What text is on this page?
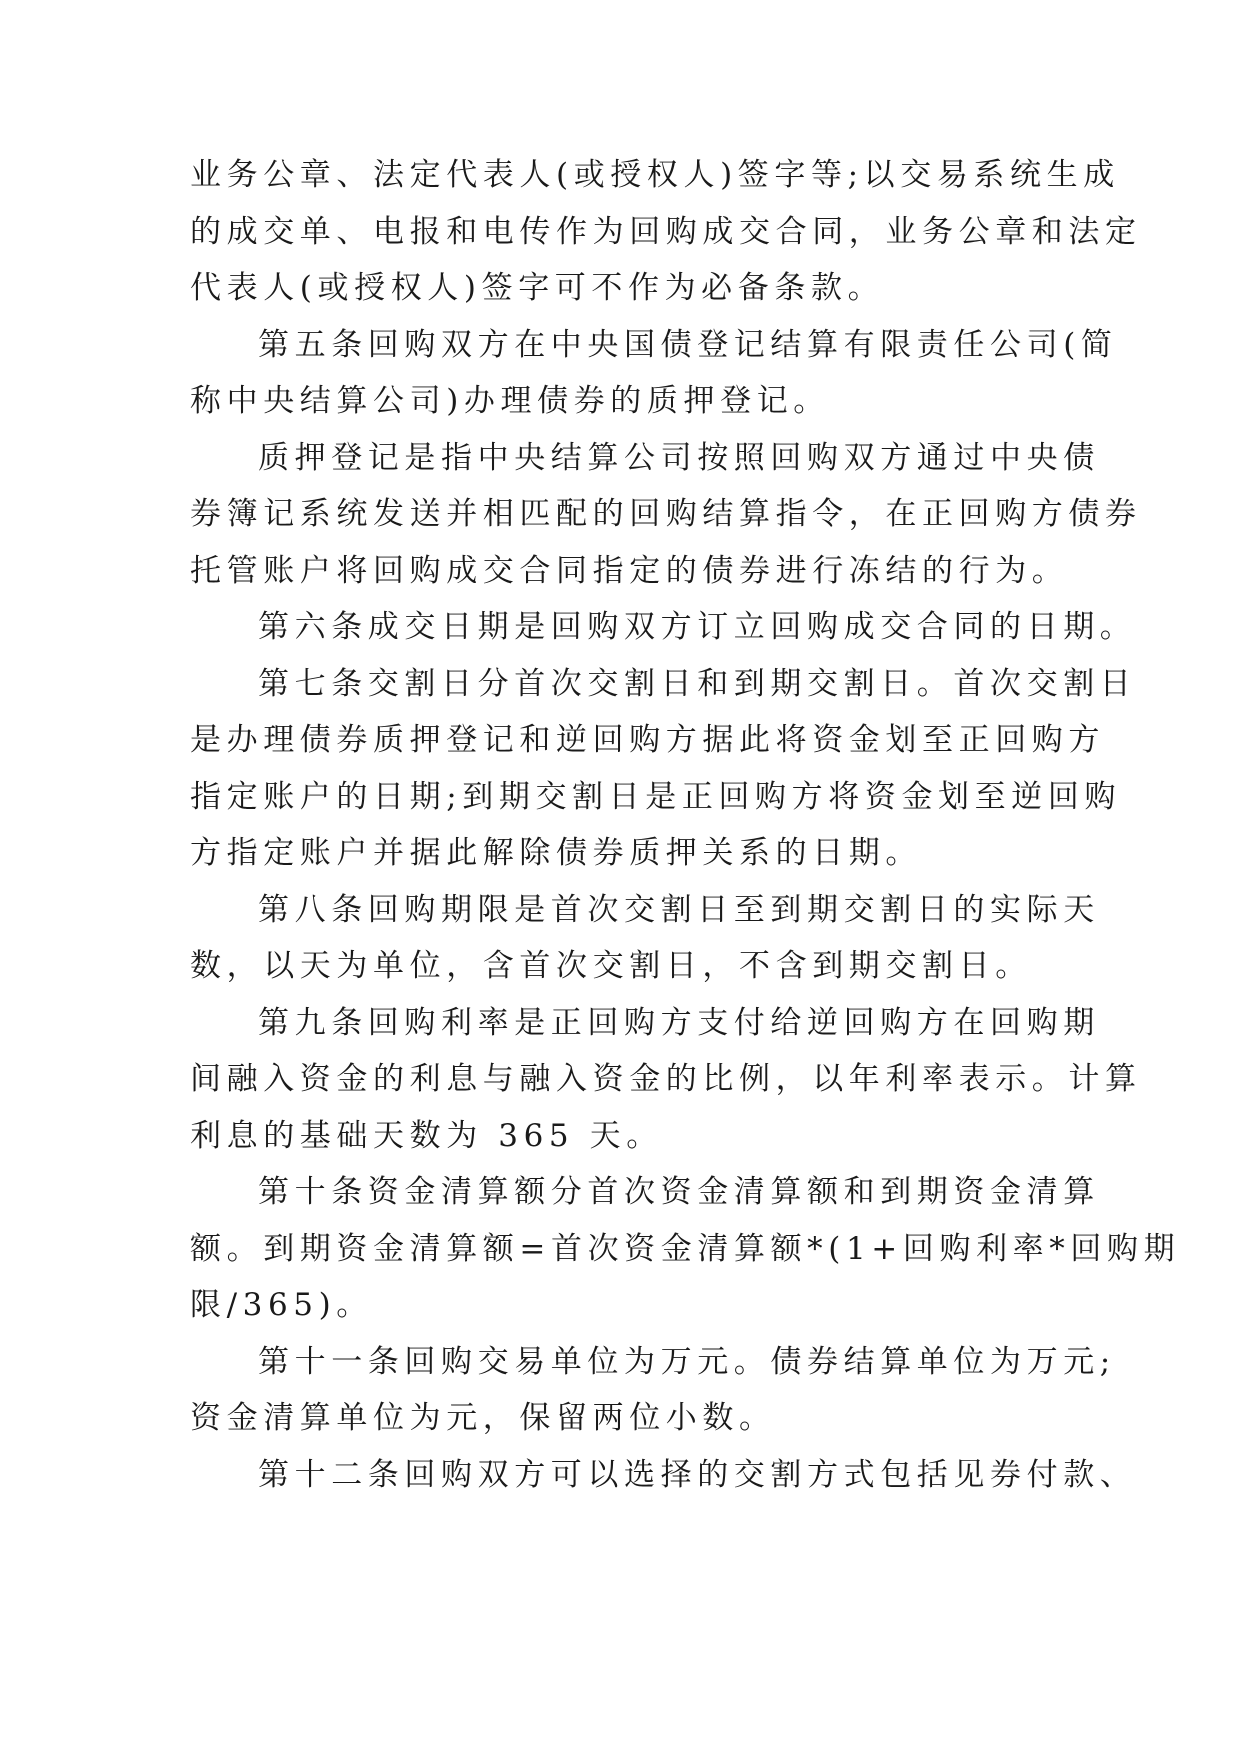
业务公章、法定代表人(或授权人)签字等;以交易系统生成
的成交单、电报和电传作为回购成交合同，业务公章和法定
代表人(或授权人)签字可不作为必备条款。
第五条回购双方在中央国债登记结算有限责任公司(简
称中央结算公司)办理债券的质押登记。
质押登记是指中央结算公司按照回购双方通过中央债
券簿记系统发送并相匹配的回购结算指令，在正回购方债券
托管账户将回购成交合同指定的债券进行冻结的行为。
第六条成交日期是回购双方订立回购成交合同的日期。
第七条交割日分首次交割日和到期交割日。首次交割日
是办理债券质押登记和逆回购方据此将资金划至正回购方
指定账户的日期;到期交割日是正回购方将资金划至逆回购
方指定账户并据此解除债券质押关系的日期。
第八条回购期限是首次交割日至到期交割日的实际天
数，以天为单位，含首次交割日，不含到期交割日。
第九条回购利率是正回购方支付给逆回购方在回购期
间融入资金的利息与融入资金的比例，以年利率表示。计算
利息的基础天数为 365 天。
第十条资金清算额分首次资金清算额和到期资金清算
额。到期资金清算额=首次资金清算额*(1+回购利率*回购期
限/365)。
第十一条回购交易单位为万元。债券结算单位为万元;
资金清算单位为元，保留两位小数。
第十二条回购双方可以选择的交割方式包括见券付款、
